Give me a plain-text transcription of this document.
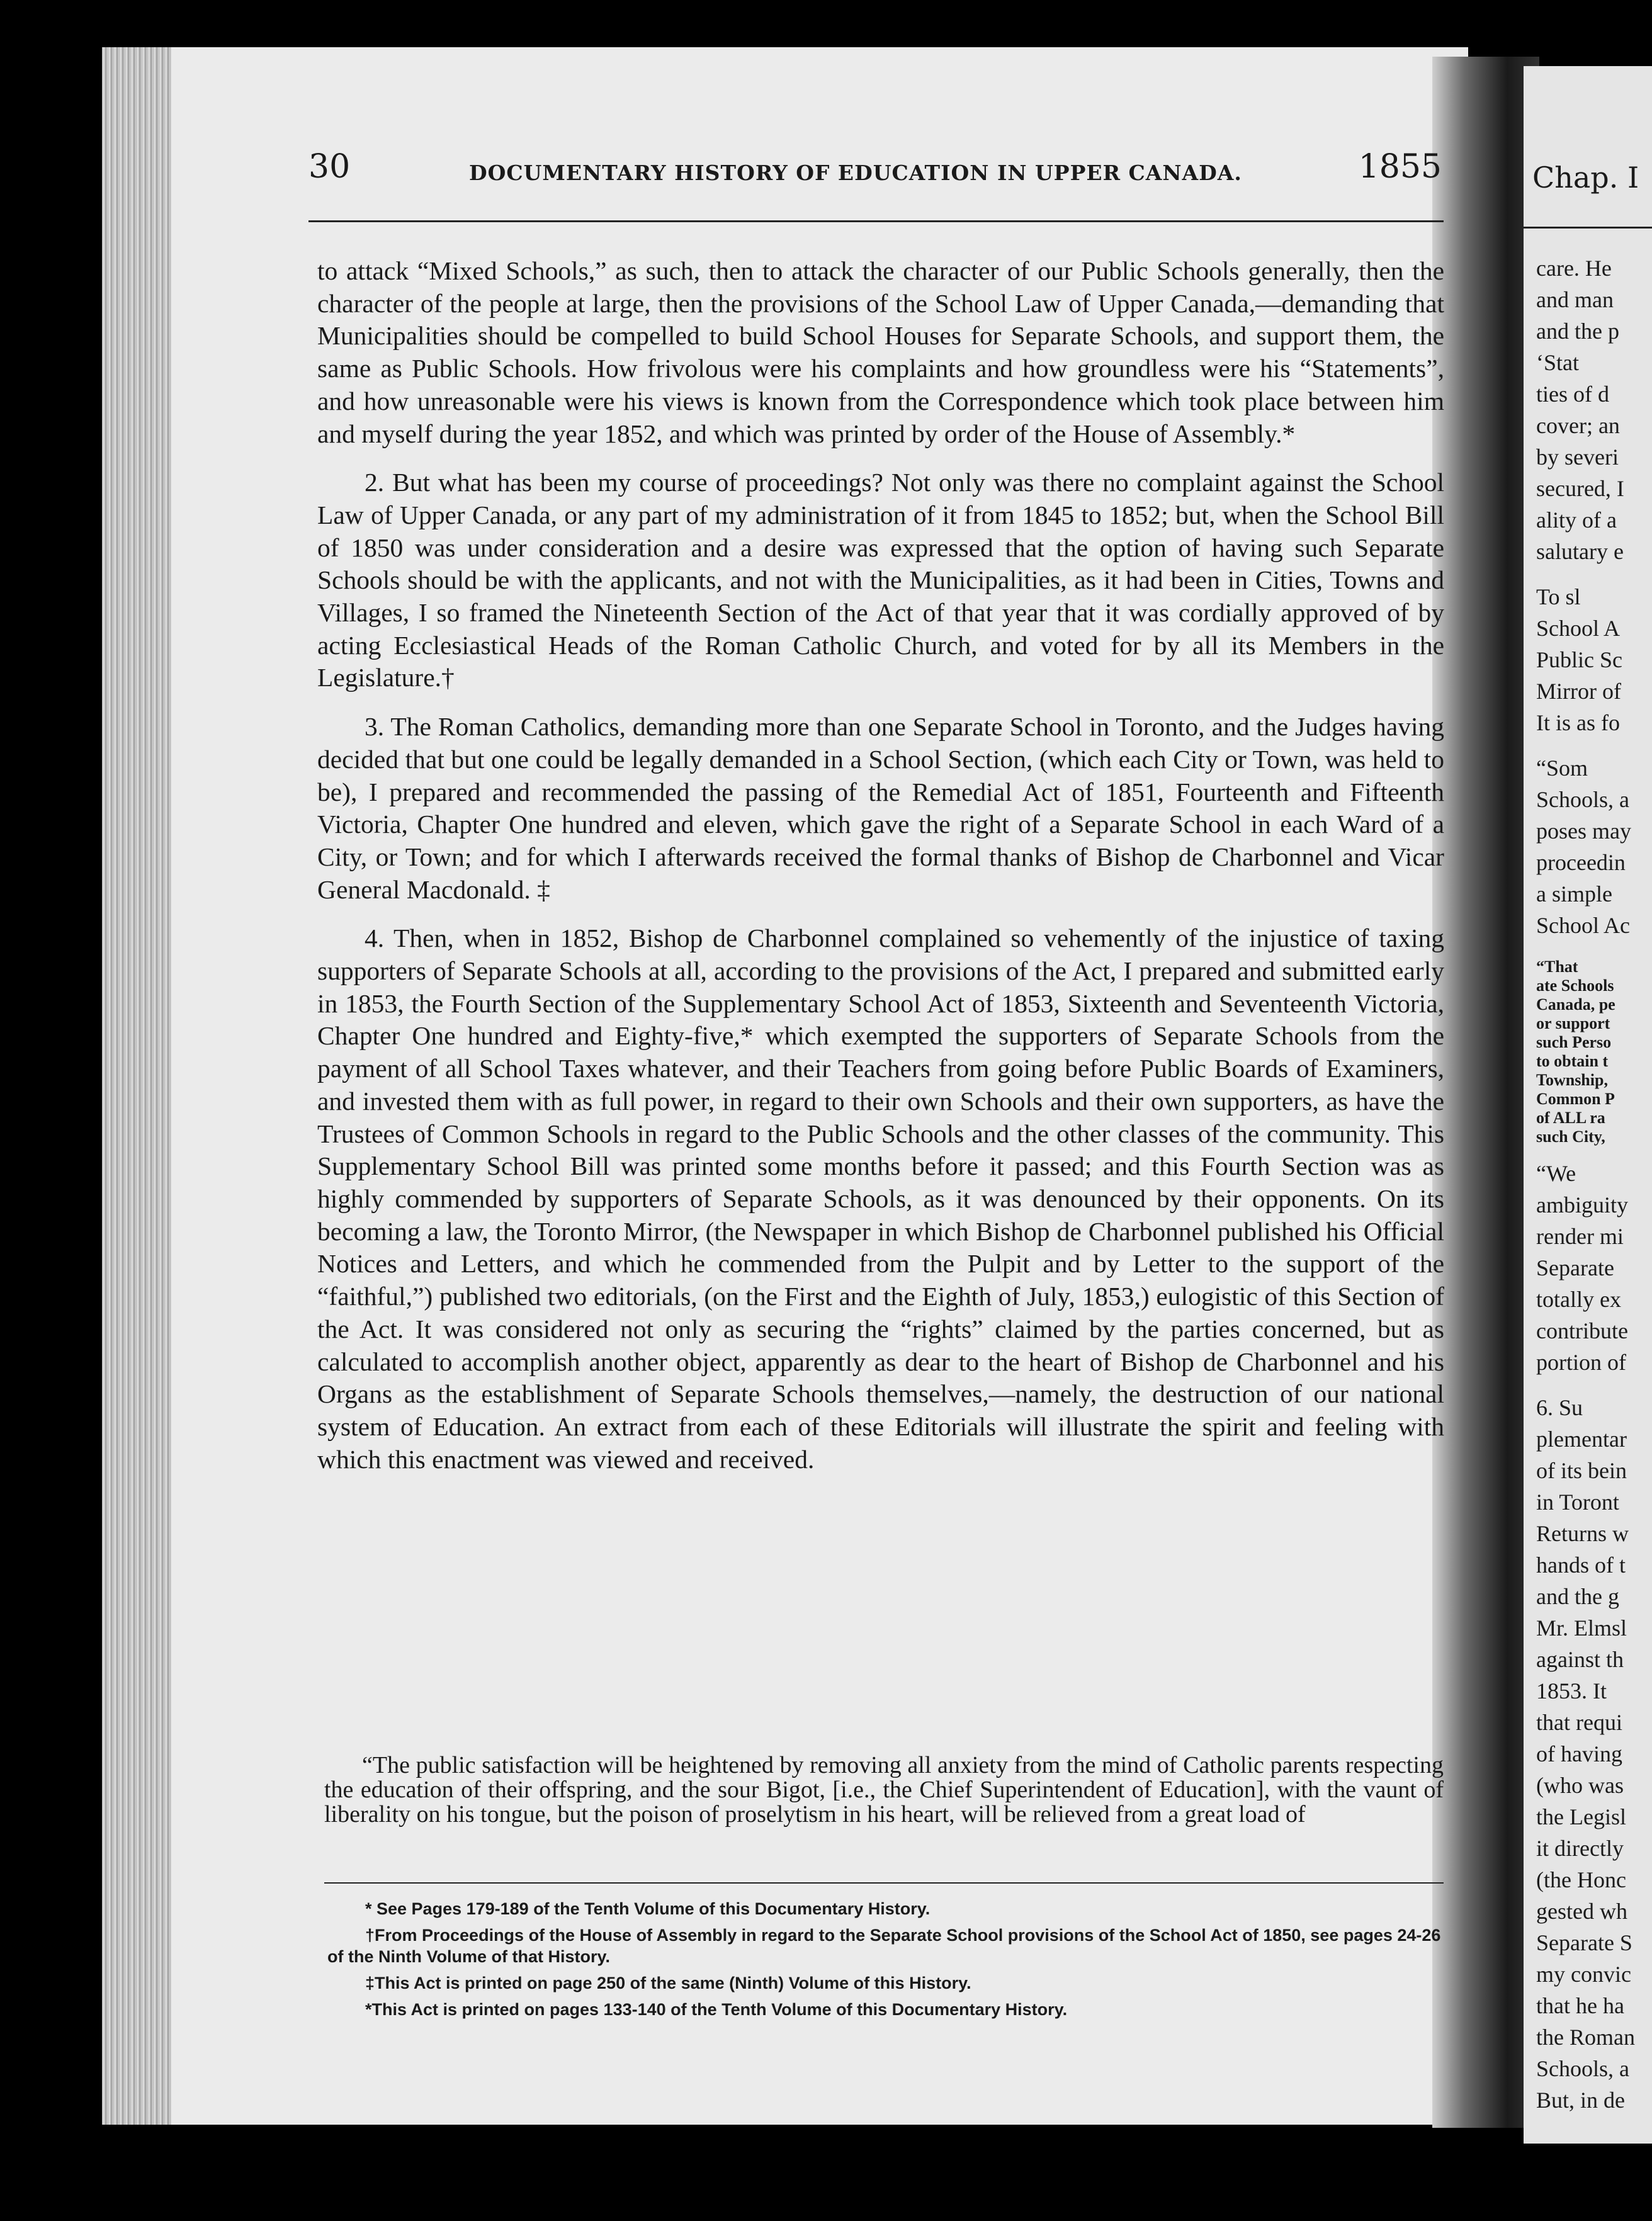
30	DOCUMENTARY HISTORY OF EDUCATION IN UPPER CANADA.	1855

to attack “Mixed Schools,” as such, then to attack the character of our Public Schools generally, then the character of the people at large, then the provisions of the School Law of Upper Canada,—demanding that Municipalities should be compelled to build School Houses for Separate Schools, and support them, the same as Public Schools. How frivolous were his complaints and how groundless were his “Statements”, and how unreasonable were his views is known from the Correspondence which took place between him and myself during the year 1852, and which was printed by order of the House of Assembly.*

2. But what has been my course of proceedings? Not only was there no complaint against the School Law of Upper Canada, or any part of my administration of it from 1845 to 1852; but, when the School Bill of 1850 was under consideration and a desire was expressed that the option of having such Separate Schools should be with the applicants, and not with the Municipalities, as it had been in Cities, Towns and Villages, I so framed the Nineteenth Section of the Act of that year that it was cordially approved of by acting Ecclesiastical Heads of the Roman Catholic Church, and voted for by all its Members in the Legislature.†

3. The Roman Catholics, demanding more than one Separate School in Toronto, and the Judges having decided that but one could be legally demanded in a School Section, (which each City or Town, was held to be), I prepared and recommended the passing of the Remedial Act of 1851, Fourteenth and Fifteenth Victoria, Chapter One hundred and eleven, which gave the right of a Separate School in each Ward of a City, or Town; and for which I afterwards received the formal thanks of Bishop de Charbonnel and Vicar General Macdonald. ‡

4. Then, when in 1852, Bishop de Charbonnel complained so vehemently of the injustice of taxing supporters of Separate Schools at all, according to the provisions of the Act, I prepared and submitted early in 1853, the Fourth Section of the Supplementary School Act of 1853, Sixteenth and Seventeenth Victoria, Chapter One hundred and Eighty-five,* which exempted the supporters of Separate Schools from the payment of all School Taxes whatever, and their Teachers from going before Public Boards of Examiners, and invested them with as full power, in regard to their own Schools and their own supporters, as have the Trustees of Common Schools in regard to the Public Schools and the other classes of the community. This Supplementary School Bill was printed some months before it passed; and this Fourth Section was as highly commended by supporters of Separate Schools, as it was denounced by their opponents. On its becoming a law, the Toronto Mirror, (the Newspaper in which Bishop de Charbonnel published his Official Notices and Letters, and which he commended from the Pulpit and by Letter to the support of the “faithful,”) published two editorials, (on the First and the Eighth of July, 1853,) eulogistic of this Section of the Act. It was considered not only as securing the “rights” claimed by the parties concerned, but as calculated to accomplish another object, apparently as dear to the heart of Bishop de Charbonnel and his Organs as the establishment of Separate Schools themselves,—namely, the destruction of our national system of Education. An extract from each of these Editorials will illustrate the spirit and feeling with which this enactment was viewed and received.

“The public satisfaction will be heightened by removing all anxiety from the mind of Catholic parents respecting the education of their offspring, and the sour Bigot, [i.e., the Chief Superintendent of Education], with the vaunt of liberality on his tongue, but the poison of proselytism in his heart, will be relieved from a great load of

* See Pages 179-189 of the Tenth Volume of this Documentary History.

†From Proceedings of the House of Assembly in regard to the Separate School provisions of the School Act of 1850, see pages 24-26 of the Ninth Volume of that History.

‡This Act is printed on page 250 of the same (Ninth) Volume of this History.

*This Act is printed on pages 133-140 of the Tenth Volume of this Documentary History.

Chap. I
care. He
and man
and the p
‘Stat
ties of d
cover; an
by severi
secured, I
ality of a
salutary e
To sl
School A
Public Sc
Mirror of
It is as fo
“Som
Schools, a
poses may
proceedin
a simple
School Ac
“That
ate Schools
Canada, pe
or support
such Perso
to obtain t
Township,
Common P
of ALL ra
such City,
“We
ambiguity
render mi
Separate
totally ex
contribute
portion of
6. Su
plementar
of its bein
in Toront
Returns w
hands of t
and the g
Mr. Elmsl
against th
1853. It
that requi
of having
(who was
the Legisl
it directly
(the Honc
gested wh
Separate S
my convic
that he ha
the Roman
Schools, a
But, in de
